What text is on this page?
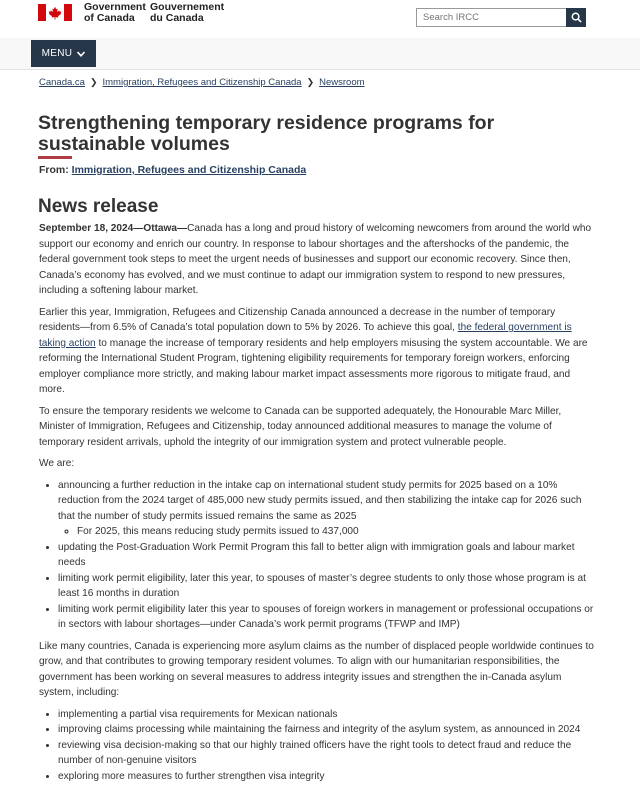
Government
of Canada
Gouvernement
du Canada
Search IRCC
MENU
Canada.ca ❯ Immigration, Refugees and Citizenship Canada ❯ Newsroom
Strengthening temporary residence programs for sustainable volumes
From: Immigration, Refugees and Citizenship Canada
News release

September 18, 2024—Ottawa—Canada has a long and proud history of welcoming newcomers from around the world who support our economy and enrich our country. In response to labour shortages and the aftershocks of the pandemic, the federal government took steps to meet the urgent needs of businesses and support our economic recovery. Since then, Canada’s economy has evolved, and we must continue to adapt our immigration system to respond to new pressures, including a softening labour market.

Earlier this year, Immigration, Refugees and Citizenship Canada announced a decrease in the number of temporary residents—from 6.5% of Canada’s total population down to 5% by 2026. To achieve this goal, the federal government is taking action to manage the increase of temporary residents and help employers misusing the system accountable. We are reforming the International Student Program, tightening eligibility requirements for temporary foreign workers, enforcing employer compliance more strictly, and making labour market impact assessments more rigorous to mitigate fraud, and more.

To ensure the temporary residents we welcome to Canada can be supported adequately, the Honourable Marc Miller, Minister of Immigration, Refugees and Citizenship, today announced additional measures to manage the volume of temporary resident arrivals, uphold the integrity of our immigration system and protect vulnerable people.

We are:

• announcing a further reduction in the intake cap on international student study permits for 2025 based on a 10% reduction from the 2024 target of 485,000 new study permits issued, and then stabilizing the intake cap for 2026 such that the number of study permits issued remains the same as 2025
◦ For 2025, this means reducing study permits issued to 437,000
• updating the Post-Graduation Work Permit Program this fall to better align with immigration goals and labour market needs
• limiting work permit eligibility, later this year, to spouses of master’s degree students to only those whose program is at least 16 months in duration
• limiting work permit eligibility later this year to spouses of foreign workers in management or professional occupations or in sectors with labour shortages—under Canada’s work permit programs (TFWP and IMP)

Like many countries, Canada is experiencing more asylum claims as the number of displaced people worldwide continues to grow, and that contributes to growing temporary resident volumes. To align with our humanitarian responsibilities, the government has been working on several measures to address integrity issues and strengthen the in-Canada asylum system, including:

• implementing a partial visa requirements for Mexican nationals
• improving claims processing while maintaining the fairness and integrity of the asylum system, as announced in 2024
• reviewing visa decision-making so that our highly trained officers have the right tools to detect fraud and reduce the number of non-genuine visitors
• exploring more measures to further strengthen visa integrity
